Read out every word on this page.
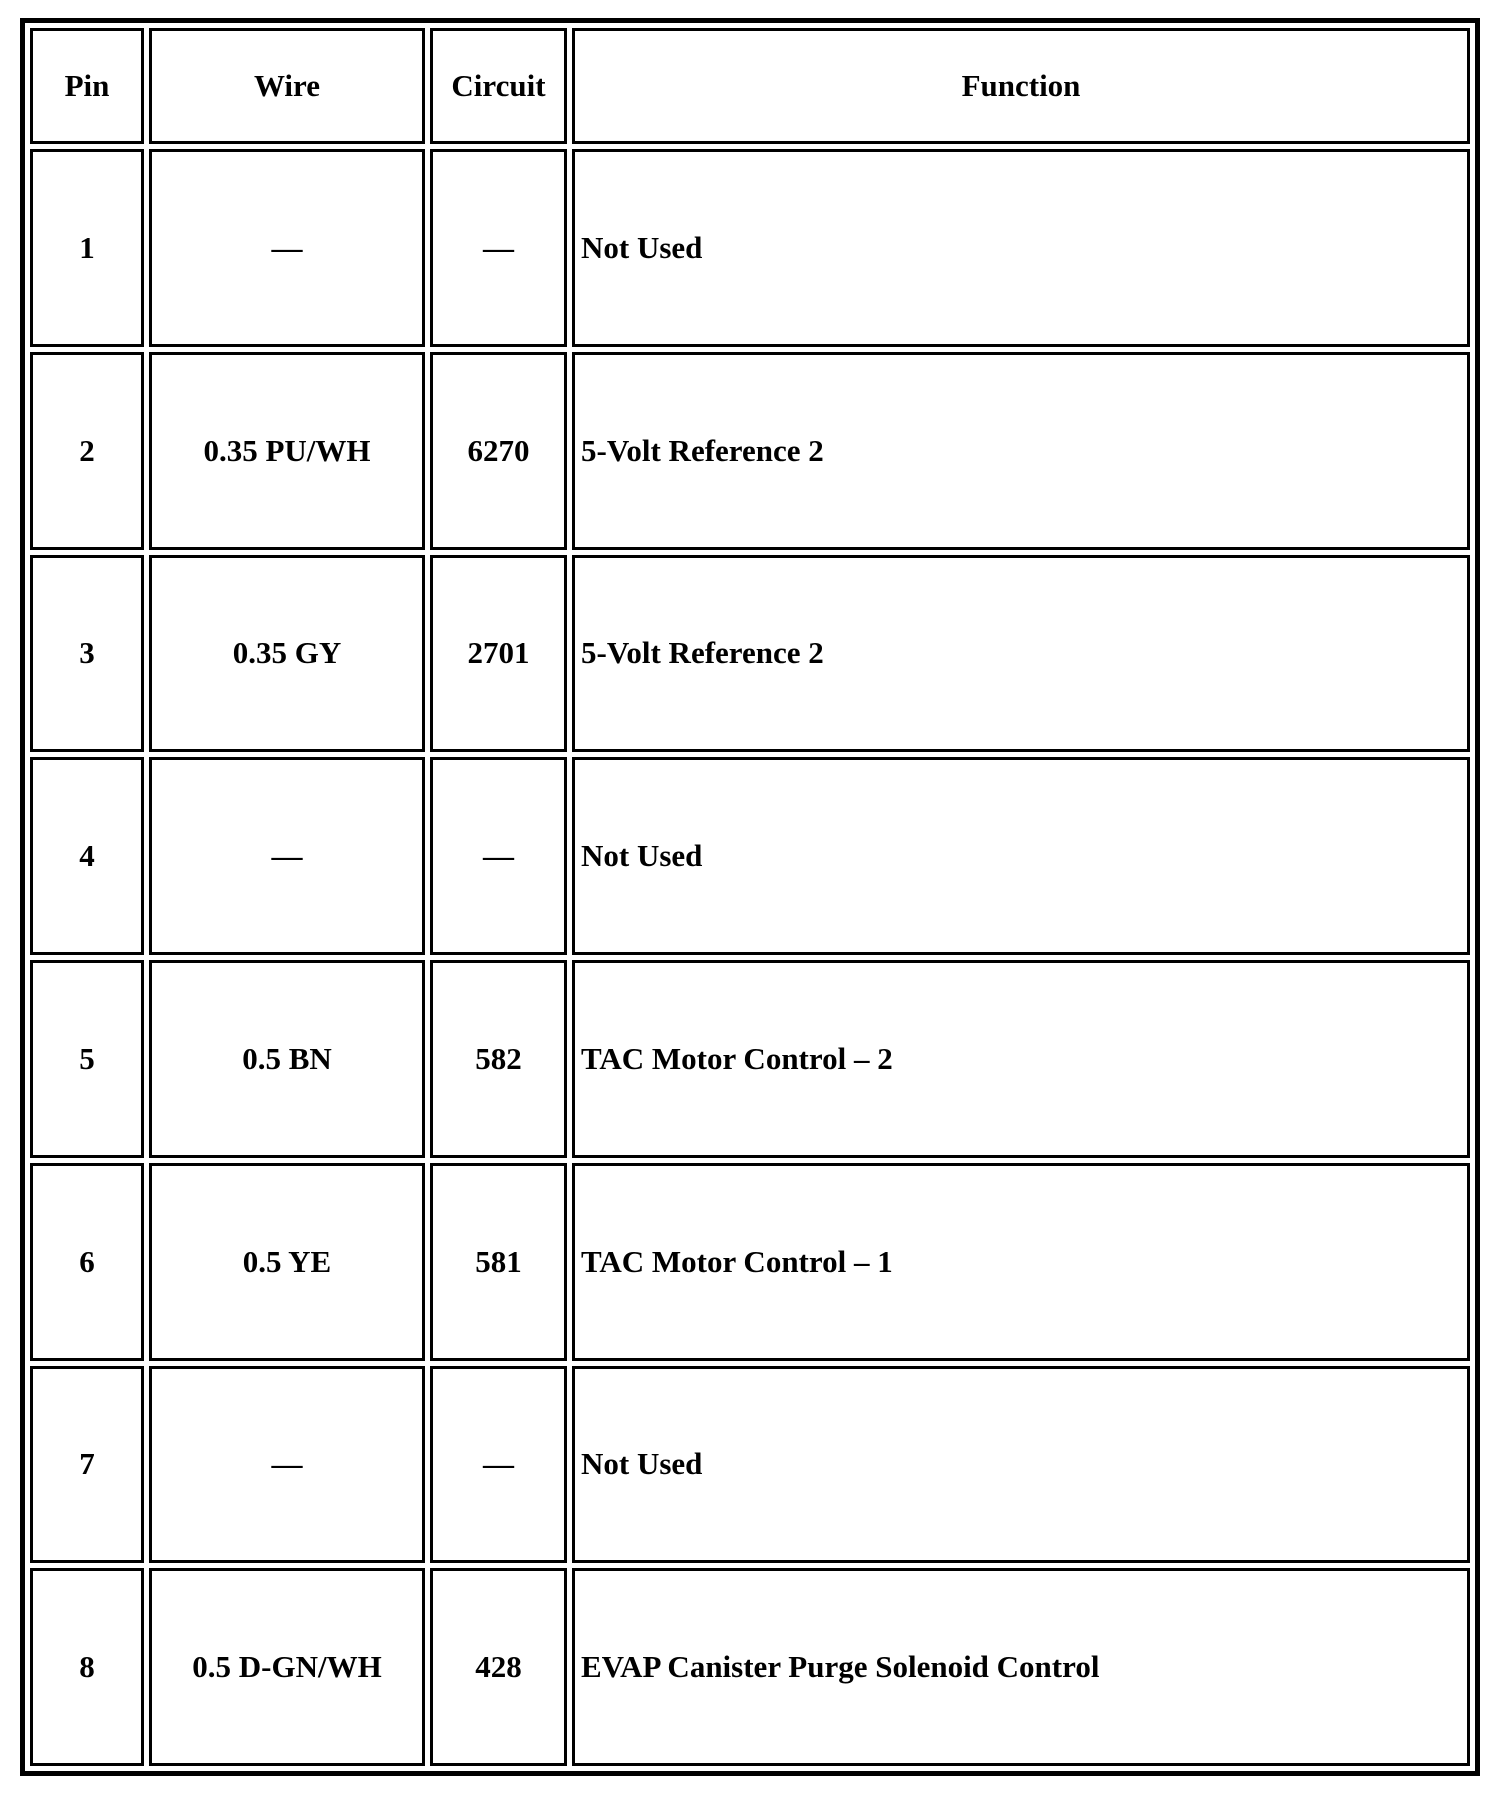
Pin	Wire	Circuit	Function
1	—	—	Not Used
2	0.35 PU/WH	6270	5-Volt Reference 2
3	0.35 GY	2701	5-Volt Reference 2
4	—	—	Not Used
5	0.5 BN	582	TAC Motor Control – 2
6	0.5 YE	581	TAC Motor Control – 1
7	—	—	Not Used
8	0.5 D-GN/WH	428	EVAP Canister Purge Solenoid Control
